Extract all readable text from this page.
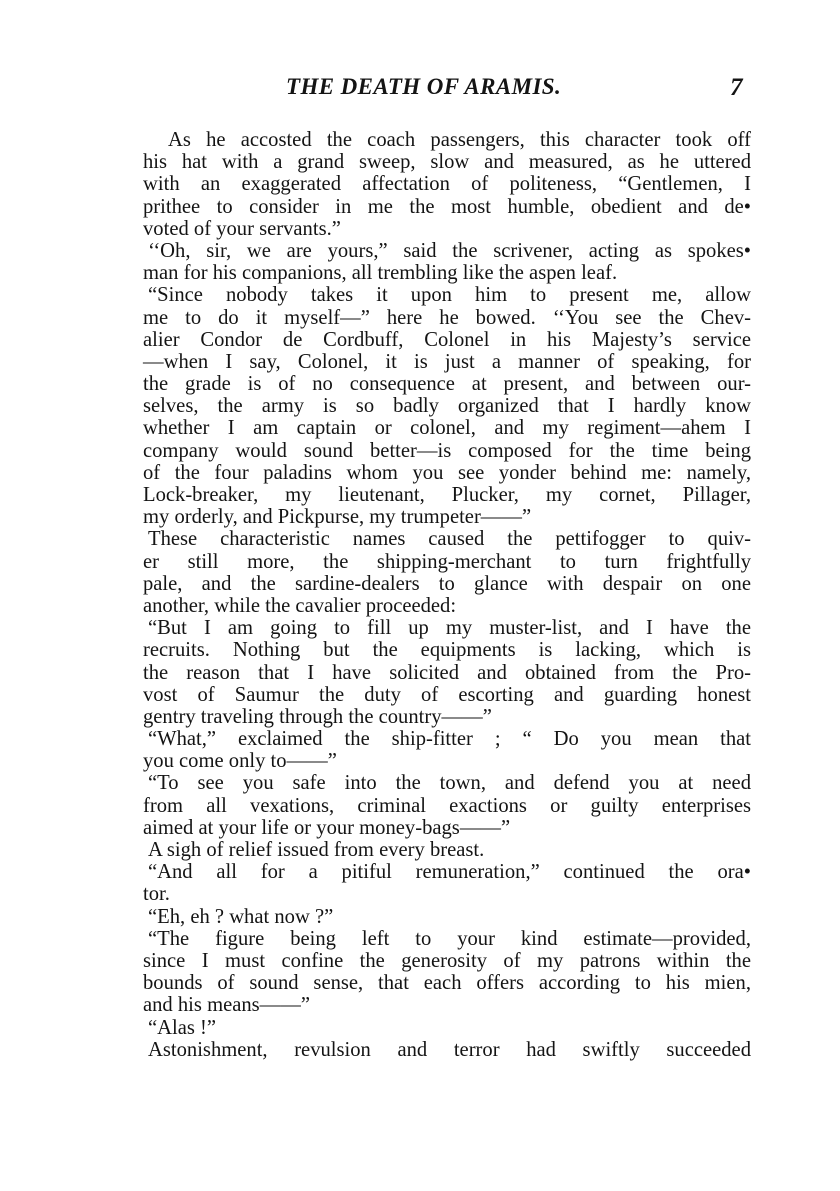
THE DEATH OF ARAMIS.	7
As he accosted the coach passengers, this character took off
his hat with a grand sweep, slow and measured, as he uttered
with an exaggerated affectation of politeness, “Gentlemen, I
prithee to consider in me the most humble, obedient and de•
voted of your servants.”
‘‘Oh, sir, we are yours,” said the scrivener, acting as spokes•
man for his companions, all trembling like the aspen leaf.
“Since nobody takes it upon him to present me, allow
me to do it myself—” here he bowed. ‘‘You see the Chev-
alier Condor de Cordbuff, Colonel in his Majesty’s service
—when I say, Colonel, it is just a manner of speaking, for
the grade is of no consequence at present, and between our-
selves, the army is so badly organized that I hardly know
whether I am captain or colonel, and my regiment—ahem I
company would sound better—is composed for the time being
of the four paladins whom you see yonder behind me: namely,
Lock-breaker, my lieutenant, Plucker, my cornet, Pillager,
my orderly, and Pickpurse, my trumpeter——”
These characteristic names caused the pettifogger to quiv-
er still more, the shipping-merchant to turn frightfully
pale, and the sardine-dealers to glance with despair on one
another, while the cavalier proceeded:
“But I am going to fill up my muster-list, and I have the
recruits. Nothing but the equipments is lacking, which is
the reason that I have solicited and obtained from the Pro-
vost of Saumur the duty of escorting and guarding honest
gentry traveling through the country——”
“What,” exclaimed the ship-fitter ; “ Do you mean that
you come only to——”
“To see you safe into the town, and defend you at need
from all vexations, criminal exactions or guilty enterprises
aimed at your life or your money-bags——”
A sigh of relief issued from every breast.
“And all for a pitiful remuneration,” continued the ora•
tor.
“Eh, eh ? what now ?”
“The figure being left to your kind estimate—provided,
since I must confine the generosity of my patrons within the
bounds of sound sense, that each offers according to his mien,
and his means——”
“Alas !”
Astonishment, revulsion and terror had swiftly succeeded
